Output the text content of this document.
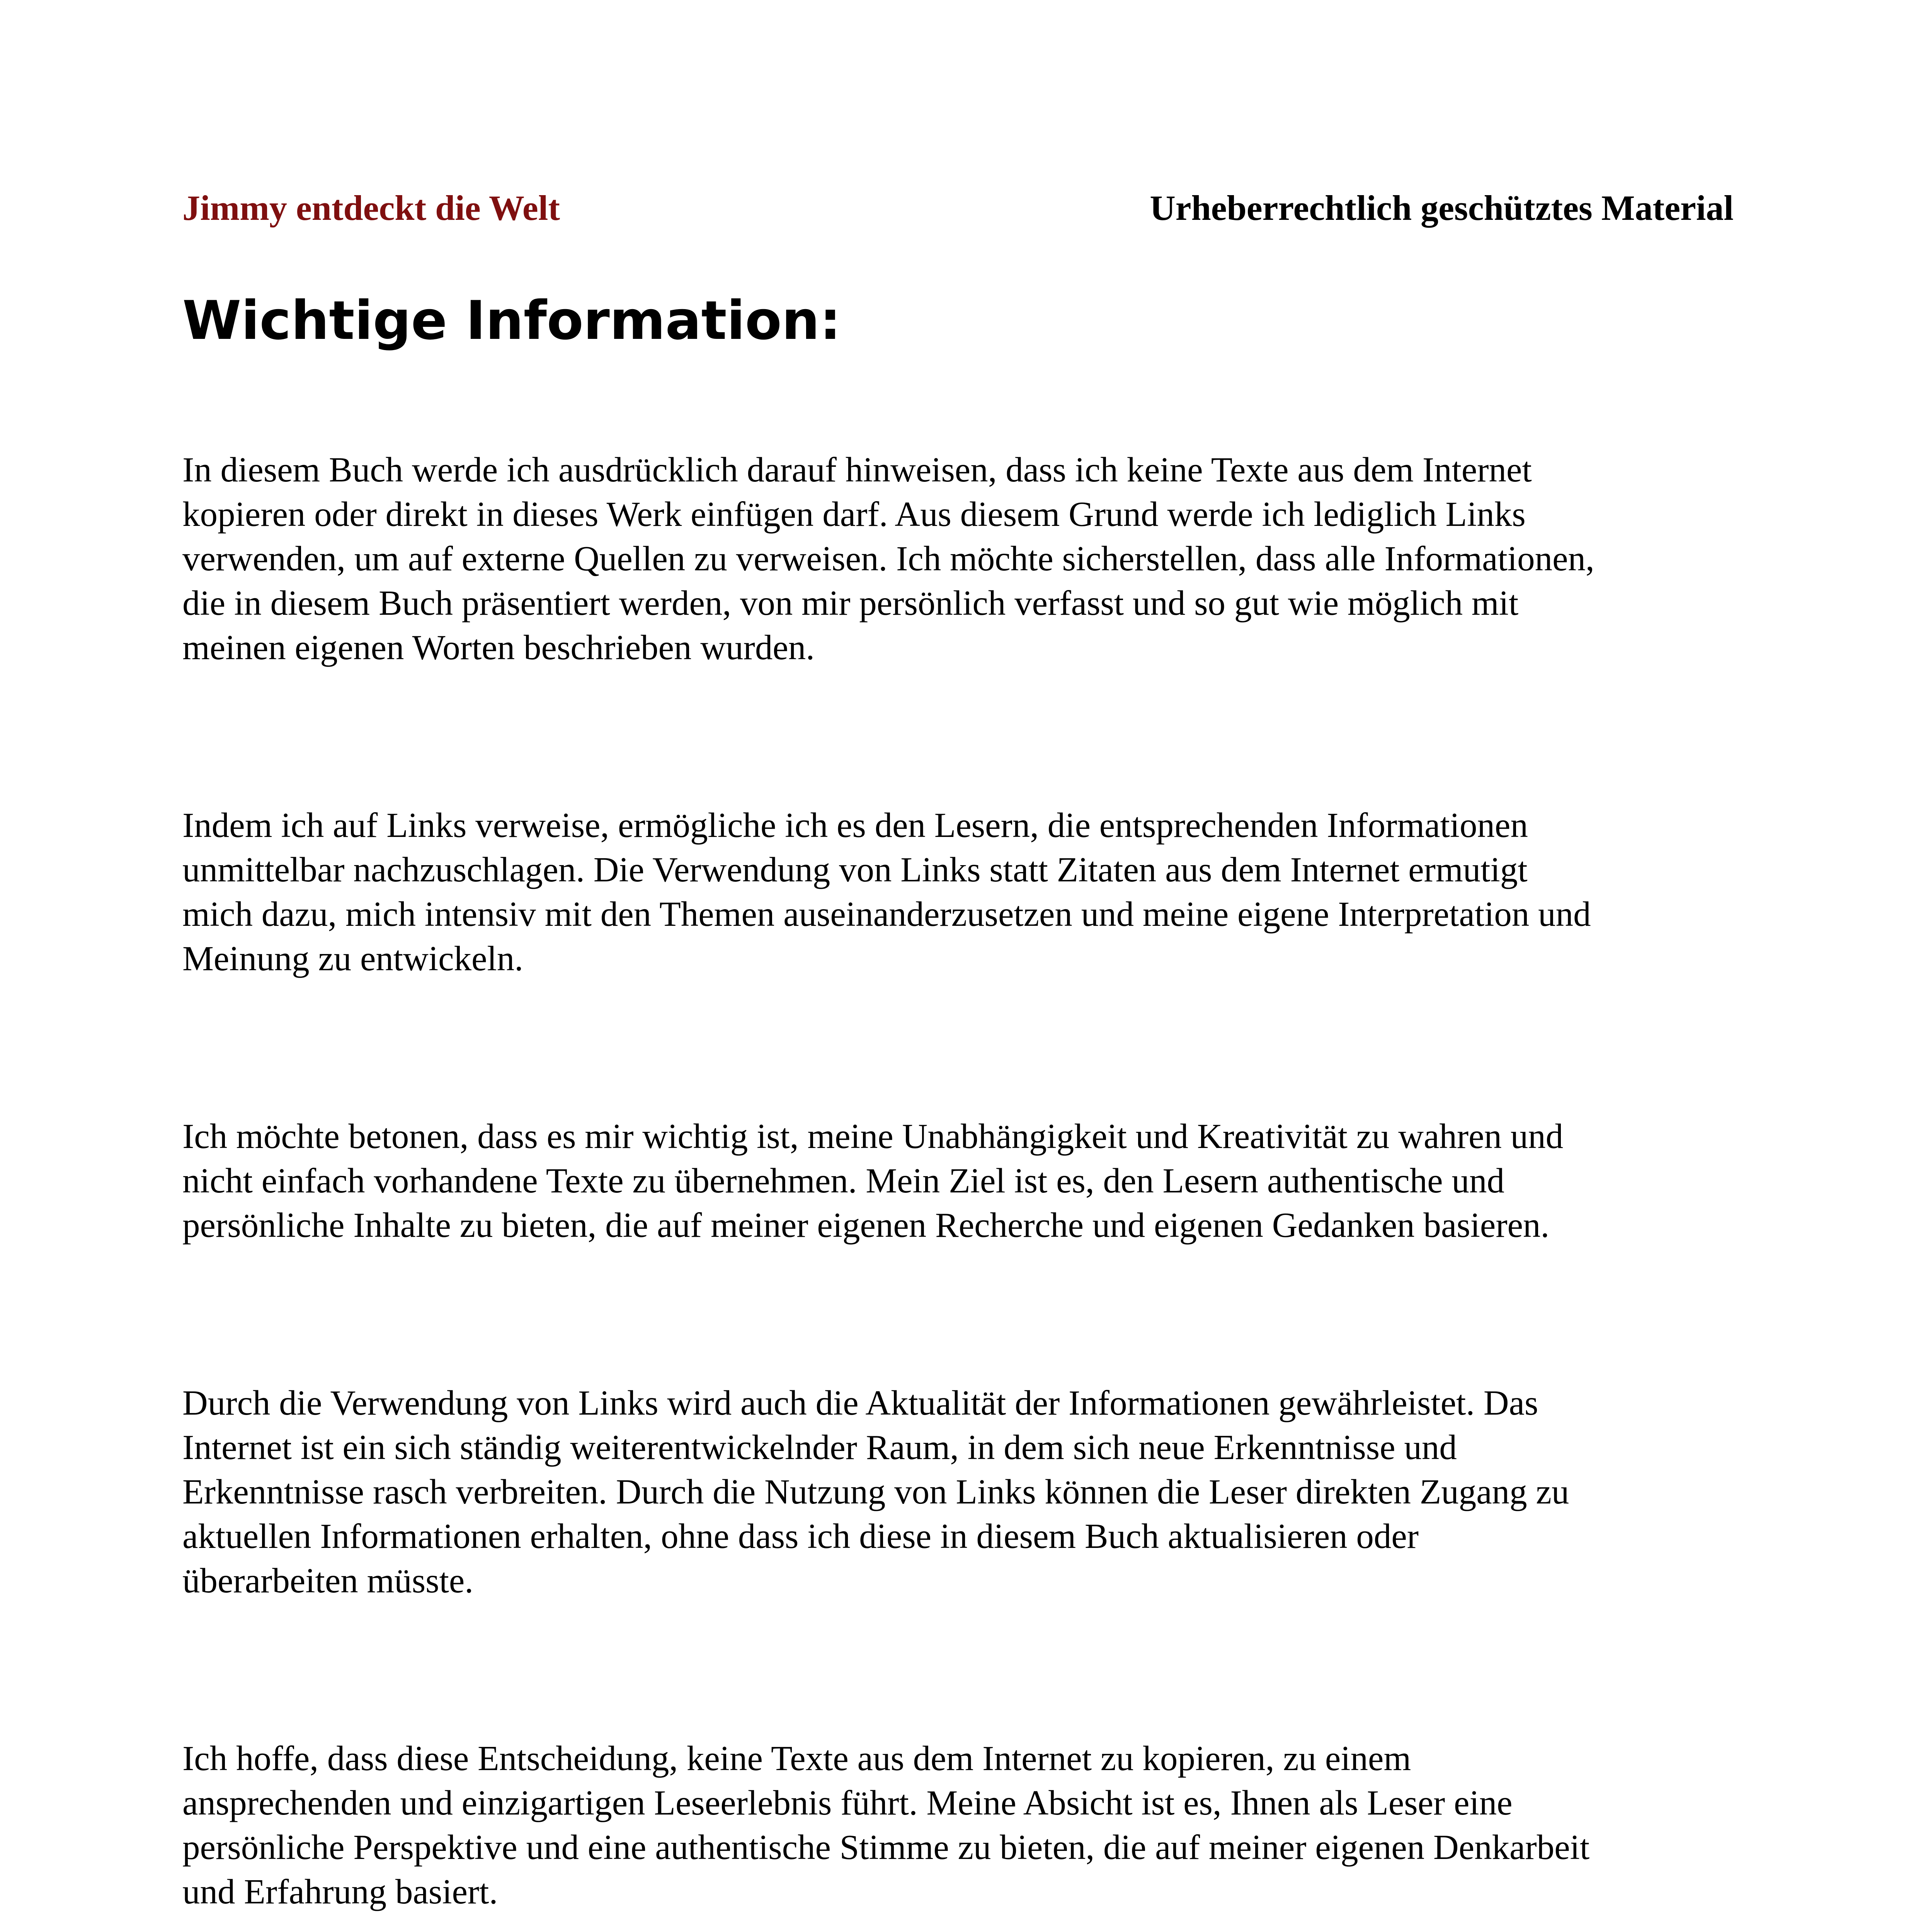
Jimmy entdeckt die Welt	Urheberrechtlich geschütztes Material
Wichtige Information:

In diesem Buch werde ich ausdrücklich darauf hinweisen, dass ich keine Texte aus dem Internet
kopieren oder direkt in dieses Werk einfügen darf. Aus diesem Grund werde ich lediglich Links
verwenden, um auf externe Quellen zu verweisen. Ich möchte sicherstellen, dass alle Informationen,
die in diesem Buch präsentiert werden, von mir persönlich verfasst und so gut wie möglich mit
meinen eigenen Worten beschrieben wurden.

Indem ich auf Links verweise, ermögliche ich es den Lesern, die entsprechenden Informationen
unmittelbar nachzuschlagen. Die Verwendung von Links statt Zitaten aus dem Internet ermutigt
mich dazu, mich intensiv mit den Themen auseinanderzusetzen und meine eigene Interpretation und
Meinung zu entwickeln.

Ich möchte betonen, dass es mir wichtig ist, meine Unabhängigkeit und Kreativität zu wahren und
nicht einfach vorhandene Texte zu übernehmen. Mein Ziel ist es, den Lesern authentische und
persönliche Inhalte zu bieten, die auf meiner eigenen Recherche und eigenen Gedanken basieren.

Durch die Verwendung von Links wird auch die Aktualität der Informationen gewährleistet. Das
Internet ist ein sich ständig weiterentwickelnder Raum, in dem sich neue Erkenntnisse und
Erkenntnisse rasch verbreiten. Durch die Nutzung von Links können die Leser direkten Zugang zu
aktuellen Informationen erhalten, ohne dass ich diese in diesem Buch aktualisieren oder
überarbeiten müsste.

Ich hoffe, dass diese Entscheidung, keine Texte aus dem Internet zu kopieren, zu einem
ansprechenden und einzigartigen Leseerlebnis führt. Meine Absicht ist es, Ihnen als Leser eine
persönliche Perspektive und eine authentische Stimme zu bieten, die auf meiner eigenen Denkarbeit
und Erfahrung basiert.
